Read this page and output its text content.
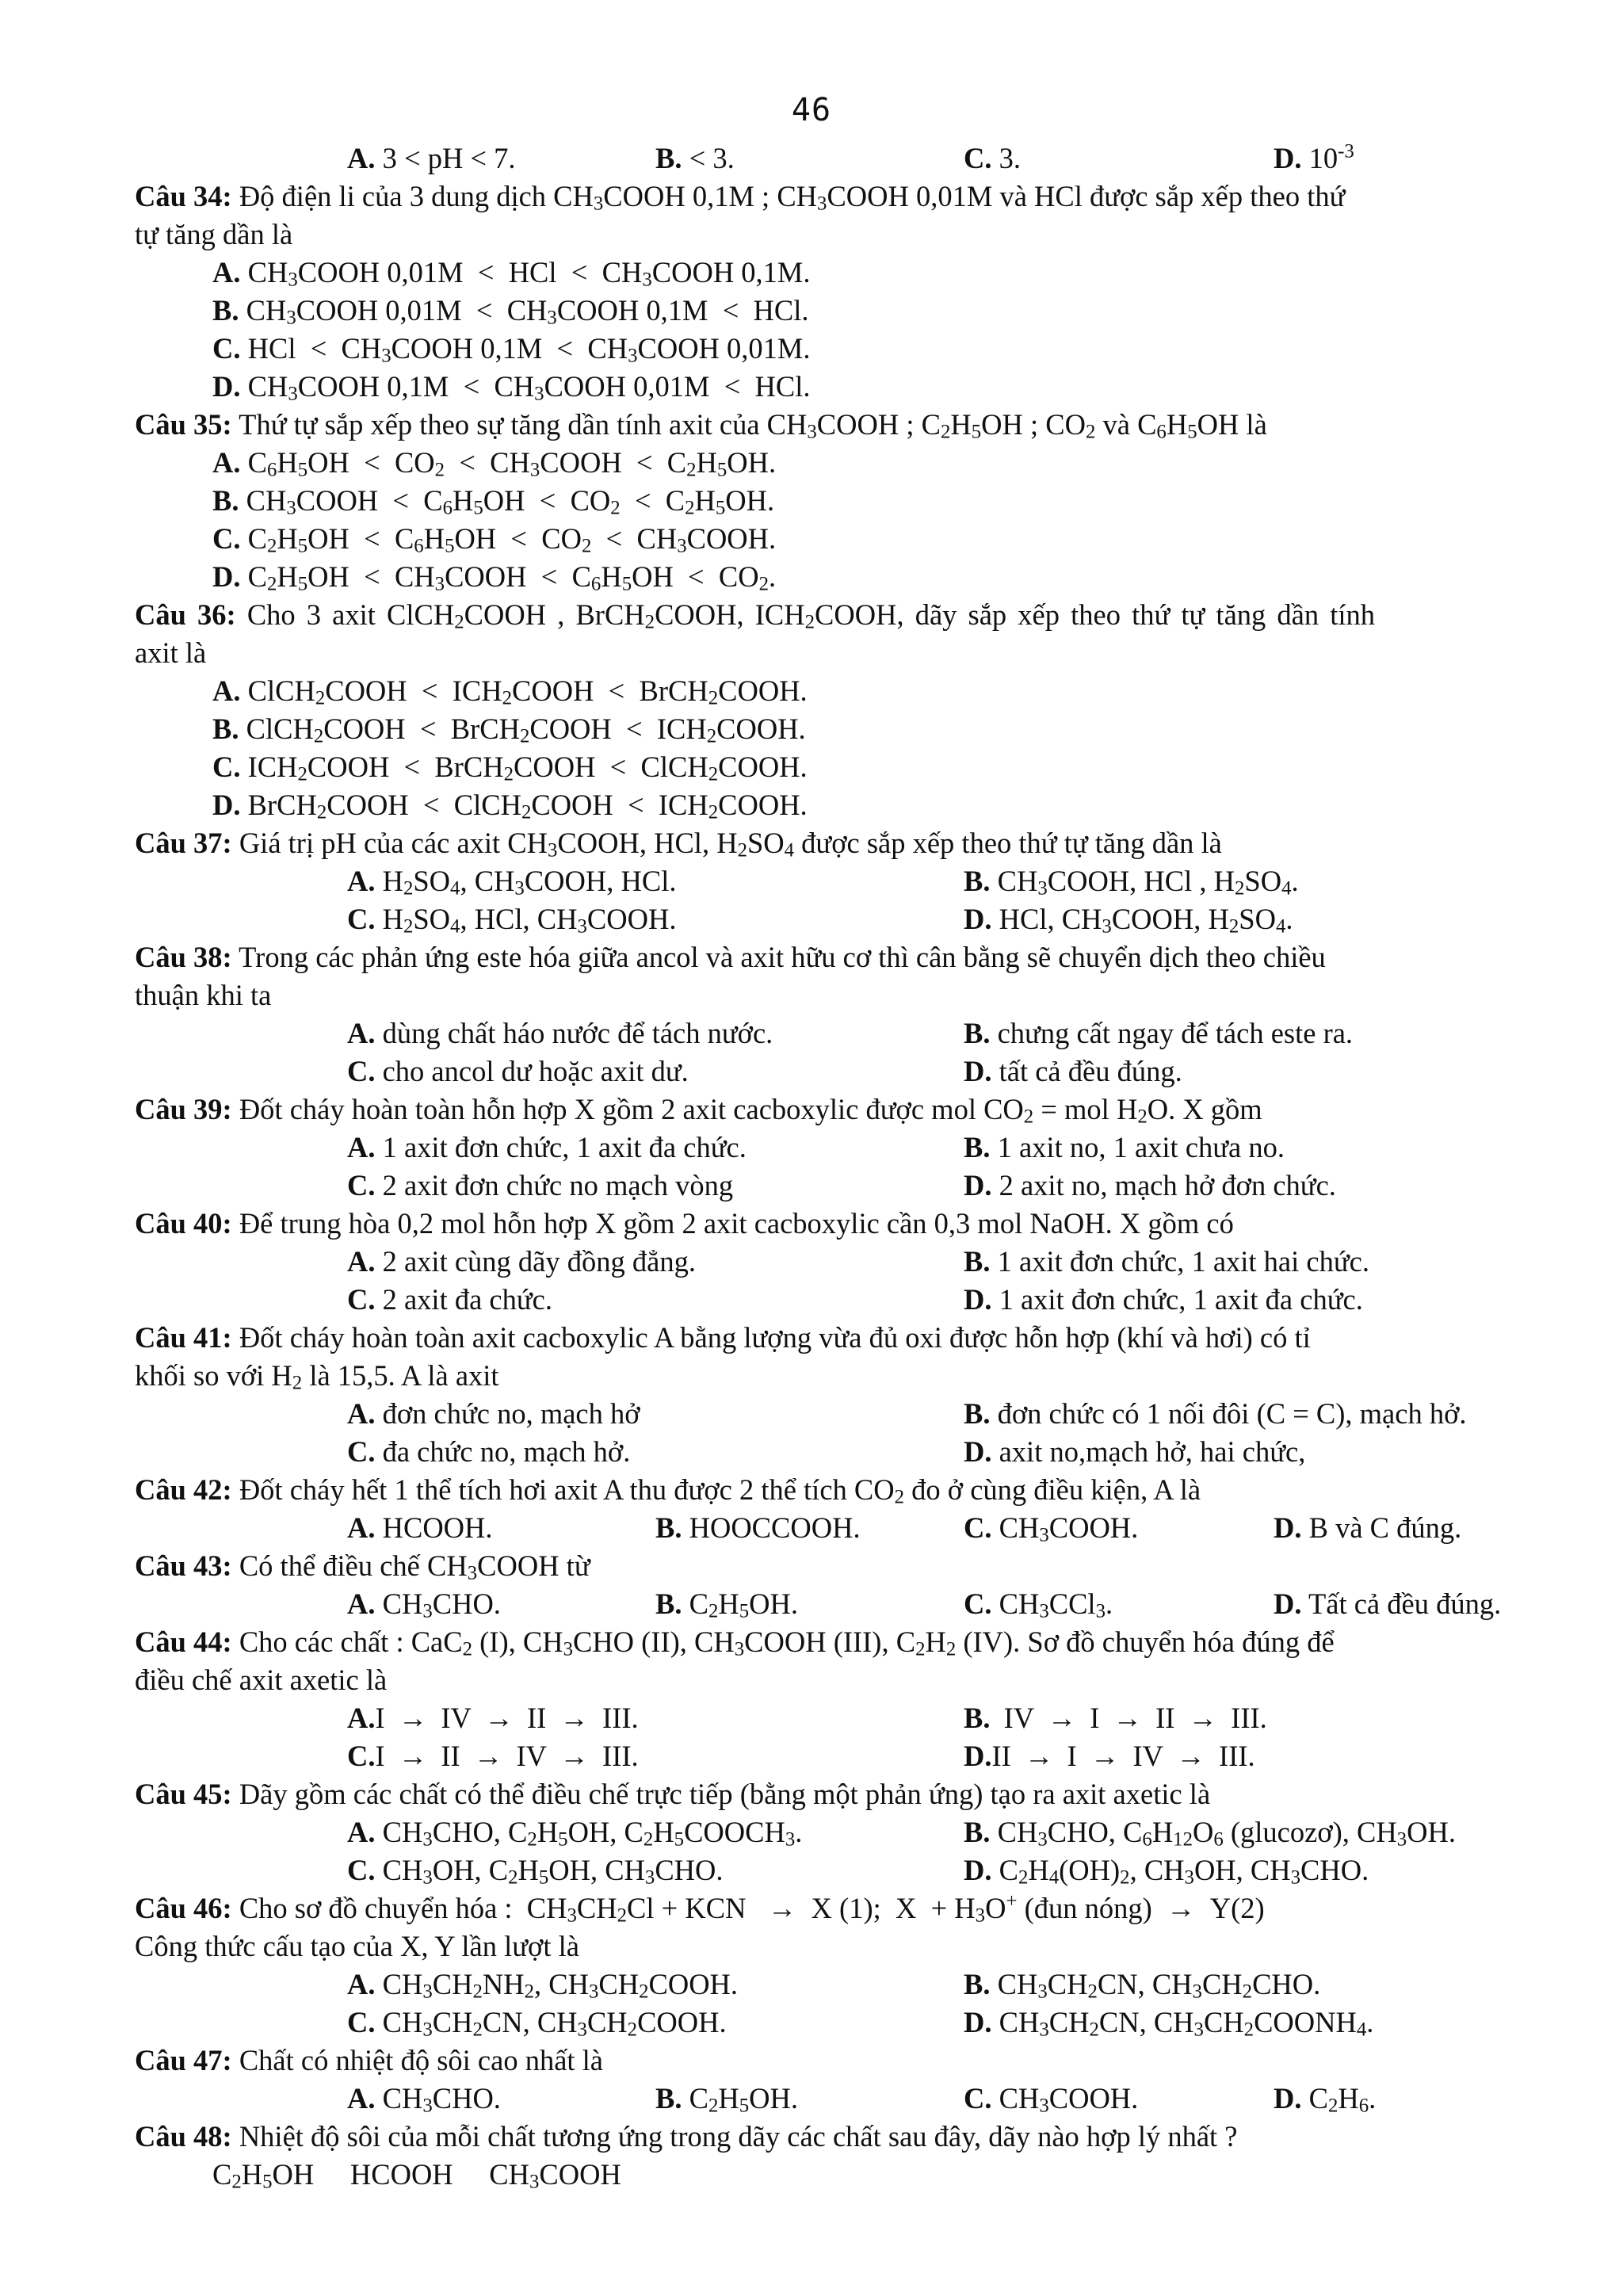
46
A. 3 < pH < 7.	B. < 3.	C. 3.	D. $10^{-3}$
Câu 34: Độ điện li của 3 dung dịch $CH_3COOH$ 0,1M ; $CH_3COOH$ 0,01M và HCl được sắp xếp theo thứ
tự tăng dần là
A. $CH_3COOH$ 0,01M  <  HCl  <  $CH_3COOH$ 0,1M.
B. $CH_3COOH$ $0,01M < CH_3COOH$ 0,1M  <  HCl.
C. HCl  <  $CH_3COOH$ $0,1M < CH_3COOH$ 0,01M.
D. $CH_3COOH$ $0,1M < CH_3COOH$ 0,01M  <  HCl.
Câu 35: Thứ tự sắp xếp theo sự tăng dần tính axit của $CH_3COOH$ ; $C_2H_5OH$ ; $CO_2$ và $C_6H_5OH$ là
A. $C_6H_5OH < CO_2$  <  $CH_3COOH < C_2H_5OH$.
B. $CH_3COOH < C_6H_5OH < CO_2 < C_2H_5OH$.
C. $C_2H_5OH < C_6H_5OH < CO_2$  <  $CH_3COOH$.
D. $C_2H_5OH$  <  $CH_3COOH < C_6H_5OH < CO_2$.
Câu 36: Cho 3 axit ClCH$_2$COOH , BrCH$_2$COOH, $ICH_2COOH$, dãy sắp xếp theo thứ tự tăng dần tính
axit là
A. ClCH$_2$COOH  <  $ICH_2COOH$  <  BrCH$_2$COOH.
B. ClCH$_2$COOH  <  BrCH$_2$COOH  <  $ICH_2COOH$.
C. $ICH_2COOH$  <  BrCH$_2$COOH  <  ClCH$_2$COOH.
D. BrCH$_2$COOH  <  ClCH$_2$COOH  <  $ICH_2COOH$.
Câu 37: Giá trị pH của các axit $CH_3COOH$, HCl, $H_2SO_4$ được sắp xếp theo thứ tự tăng dần là
A. $H_2SO_4$, $CH_3COOH$, HCl.	B. $CH_3COOH$, HCl , $H_2SO_4$.
C. $H_2SO_4$, HCl, $CH_3COOH$.	D. HCl, $CH_3COOH$, $H_2SO_4$.
Câu 38: Trong các phản ứng este hóa giữa ancol và axit hữu cơ thì cân bằng sẽ chuyển dịch theo chiều
thuận khi ta
A. dùng chất háo nước để tách nước.	B. chưng cất ngay để tách este ra.
C. cho ancol dư hoặc axit dư.	D. tất cả đều đúng.
Câu 39: Đốt cháy hoàn toàn hỗn hợp X gồm 2 axit cacboxylic được mol $CO_2$ = mol $H_2O$. X gồm
A. 1 axit đơn chức, 1 axit đa chức.	B. 1 axit no, 1 axit chưa no.
C. 2 axit đơn chức no mạch vòng	D. 2 axit no, mạch hở đơn chức.
Câu 40: Để trung hòa 0,2 mol hỗn hợp X gồm 2 axit cacboxylic cần 0,3 mol NaOH. X gồm có
A. 2 axit cùng dãy đồng đẳng.	B. 1 axit đơn chức, 1 axit hai chức.
C. 2 axit đa chức.	D. 1 axit đơn chức, 1 axit đa chức.
Câu 41: Đốt cháy hoàn toàn axit cacboxylic A bằng lượng vừa đủ oxi được hỗn hợp (khí và hơi) có tỉ
khối so với $H_2$ là 15,5. A là axit
A. đơn chức no, mạch hở	B. đơn chức có 1 nối đôi (C = C), mạch hở.
C. đa chức no, mạch hở.	D. axit no,mạch hở, hai chức,
Câu 42: Đốt cháy hết 1 thể tích hơi axit A thu được 2 thể tích $CO_2$ đo ở cùng điều kiện, A là
A. HCOOH.	B. HOOCCOOH.	C. $CH_3COOH$.	D. B và C đúng.
Câu 43: Có thể điều chế $CH_3COOH$ từ
A. $CH_3CHO$.	B. $C_2H_5OH$.	C. $CH_3CCl_3$.	D. Tất cả đều đúng.
Câu 44: Cho các chất : CaC$_2$ (I), $CH_3CHO$ (II), $CH_3COOH$ (III), $C_2H_2$ (IV). Sơ đồ chuyển hóa đúng để
điều chế axit axetic là
A.I → IV → II → III.	B. IV → I → II → III.
C.I → II → IV → III.	D.II → I → IV → III.
Câu 45: Dãy gồm các chất có thể điều chế trực tiếp (bằng một phản ứng) tạo ra axit axetic là
A. $CH_3CHO$, $C_2H_5OH$, $C_2H_5COOCH_3$.	B. $CH_3CHO$, $C_6H_{12}O_6$ (glucozơ), $CH_3OH$.
C. $CH_3OH$, $C_2H_5OH$, $CH_3CHO$.	D. $C_2H_4(OH)_2$, $CH_3OH$, $CH_3CHO$.
Câu 46: Cho sơ đồ chuyển hóa :  $CH_3CH_2Cl$ + KCN   →  X (1);  $X + H_3O^+$ (đun nóng)  →  Y(2)
Công thức cấu tạo của X, Y lần lượt là
A. $CH_3CH_2NH_2$, $CH_3CH_2COOH$.	B. $CH_3CH_2CN$, $CH_3CH_2CHO$.
C. $CH_3CH_2CN$, $CH_3CH_2COOH$.	D. $CH_3CH_2CN$, $CH_3CH_2COONH_4$.
Câu 47: Chất có nhiệt độ sôi cao nhất là
A. $CH_3CHO$.	B. $C_2H_5OH$.	C. $CH_3COOH$.	D. $C_2H_6$.
Câu 48: Nhiệt độ sôi của mỗi chất tương ứng trong dãy các chất sau đây, dãy nào hợp lý nhất ?
$C_2H_5OH$     HCOOH     $CH_3COOH$
